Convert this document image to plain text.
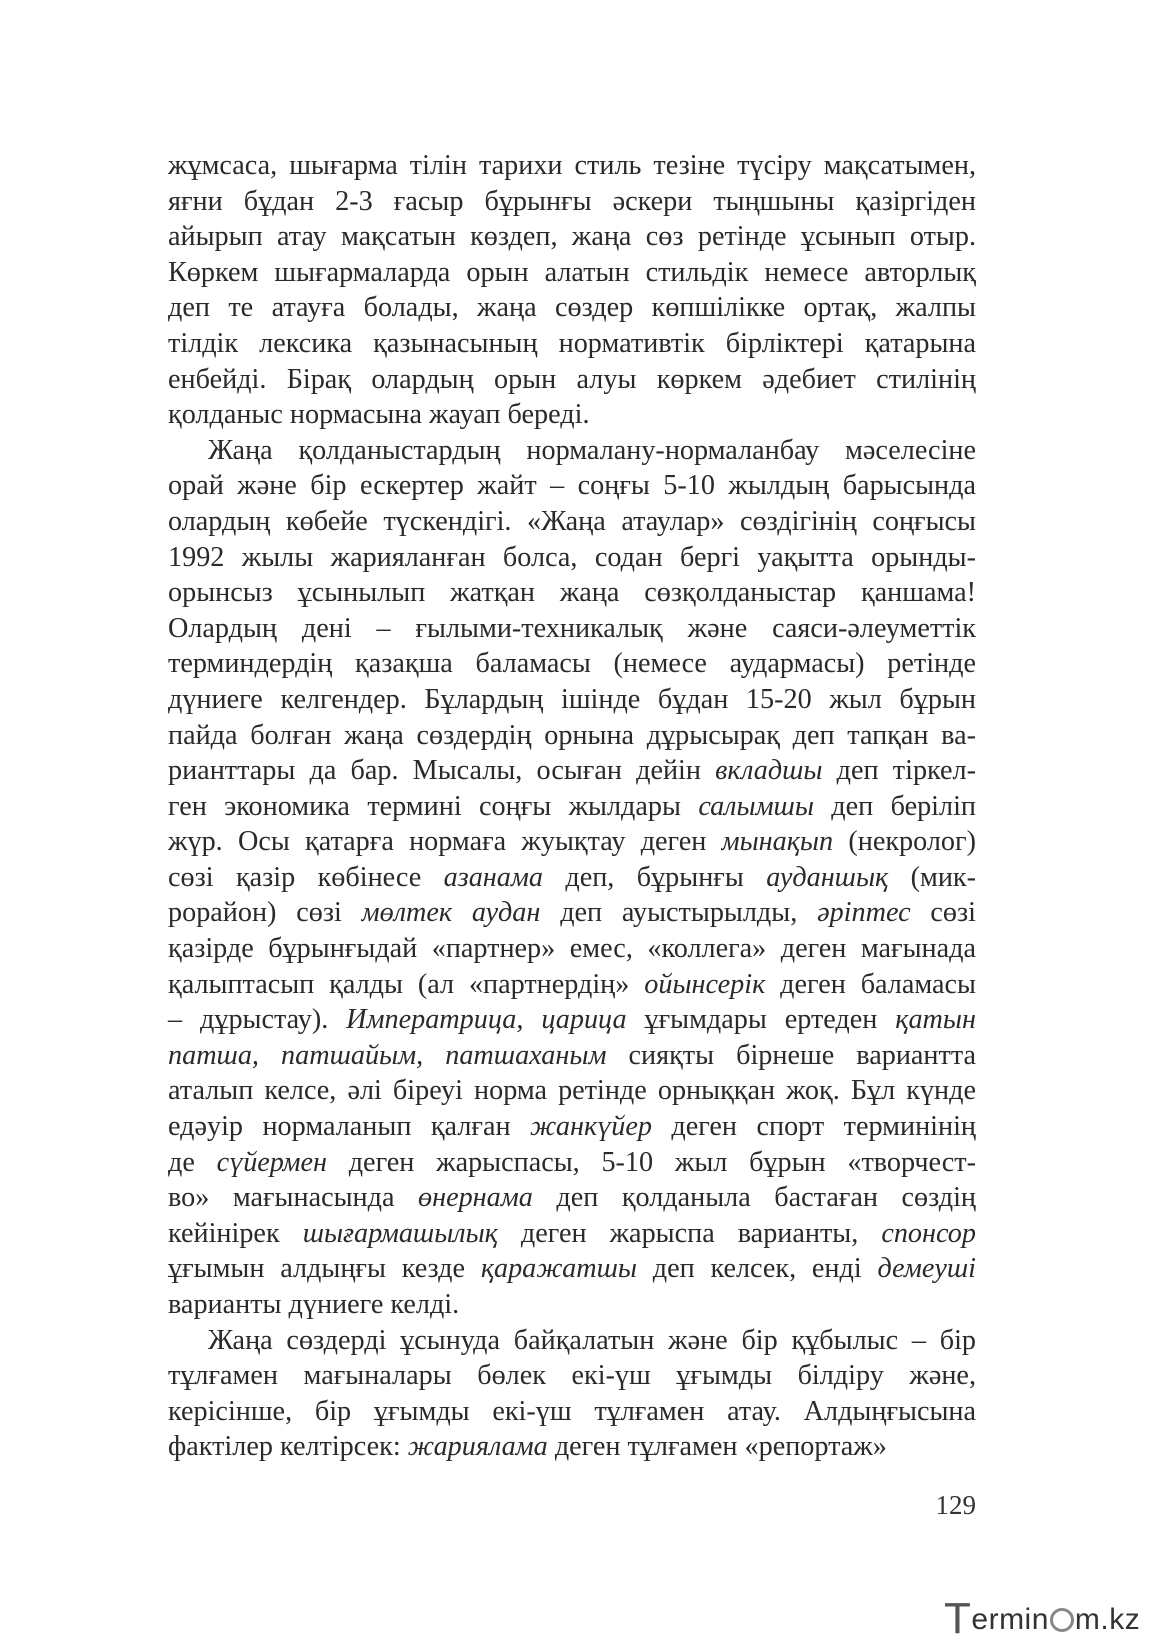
жұмсаса, шығарма тілін тарихи стиль тезіне түсіру мақсатымен,
яғни бұдан 2-3 ғасыр бұрынғы әскери тыңшыны қазіргіден
айырып атау мақсатын көздеп, жаңа сөз ретінде ұсынып отыр.
Көркем шығармаларда орын алатын стильдік немесе авторлық
деп те атауға болады, жаңа сөздер көпшілікке ортақ, жалпы
тілдік лексика қазынасының нормативтік бірліктері қатарына
енбейді. Бірақ олардың орын алуы көркем әдебиет стилінің
қолданыс нормасына жауап береді.
Жаңа қолданыстардың нормалану-нормаланбау мәселесіне
орай және бір ескертер жайт – соңғы 5-10 жылдың барысында
олардың көбейе түскендігі. «Жаңа атаулар» сөздігінің соңғысы
1992 жылы жарияланған болса, содан бергі уақытта орынды-
орынсыз ұсынылып жатқан жаңа сөзқолданыстар қаншама!
Олардың дені – ғылыми-техникалық және саяси-әлеуметтік
терминдердің қазақша баламасы (немесе аудармасы) ретінде
дүниеге келгендер. Бұлардың ішінде бұдан 15-20 жыл бұрын
пайда болған жаңа сөздердің орнына дұрысырақ деп тапқан ва-
рианттары да бар. Мысалы, осыған дейін вкладшы деп тіркел-
ген экономика термині соңғы жылдары салымшы деп беріліп
жүр. Осы қатарға нормаға жуықтау деген мынақып (некролог)
сөзі қазір көбінесе азанама деп, бұрынғы ауданшық (мик-
рорайон) сөзі мөлтек аудан деп ауыстырылды, әріптес сөзі
қазірде бұрынғыдай «партнер» емес, «коллега» деген мағынада
қалыптасып қалды (ал «партнердің» ойынсерік деген баламасы
– дұрыстау). Императрица, царица ұғымдары ертеден қатын
патша, патшайым, патшаханым сияқты бірнеше вариантта
аталып келсе, әлі біреуі норма ретінде орныққан жоқ. Бұл күнде
едәуір нормаланып қалған жанкүйер деген спорт терминінің
де сүйермен деген жарыспасы, 5-10 жыл бұрын «творчест-
во» мағынасында өнернама деп қолданыла бастаған сөздің
кейінірек шығармашылық деген жарыспа варианты, спонсор
ұғымын алдыңғы кезде қаражатшы деп келсек, енді демеуші
варианты дүниеге келді.
Жаңа сөздерді ұсынуда байқалатын және бір құбылыс – бір
тұлғамен мағыналары бөлек екі-үш ұғымды білдіру және,
керісінше, бір ұғымды екі-үш тұлғамен атау. Алдыңғысына
фактілер келтірсек: жариялама деген тұлғамен «репортаж»
129
Termin m.kz
